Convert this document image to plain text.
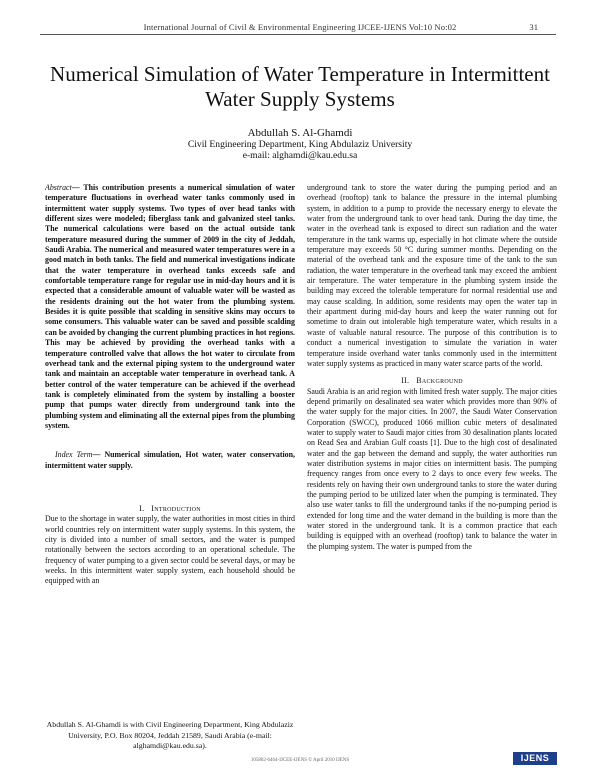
International Journal of Civil & Environmental Engineering IJCEE-IJENS Vol:10 No:02	31
Numerical Simulation of Water Temperature in Intermittent Water Supply Systems
Abdullah S. Al-Ghamdi
Civil Engineering Department, King Abdulaziz University
e-mail: alghamdi@kau.edu.sa

Abstract— This contribution presents a numerical simulation of water temperature fluctuations in overhead water tanks commonly used in intermittent water supply systems. Two types of over head tanks with different sizes were modeled; fiberglass tank and galvanized steel tanks. The numerical calculations were based on the actual outside tank temperature measured during the summer of 2009 in the city of Jeddah, Saudi Arabia. The numerical and measured water temperatures were in a good match in both tanks. The field and numerical investigations indicate that the water temperature in overhead tanks exceeds safe and comfortable temperature range for regular use in mid-day hours and it is expected that a considerable amount of valuable water will be wasted as the residents draining out the hot water from the plumbing system. Besides it is quite possible that scalding in sensitive skins may occurs to some consumers. This valuable water can be saved and possible scalding can be avoided by changing the current plumbing practices in hot regions. This may be achieved by providing the overhead tanks with a temperature controlled valve that allows the hot water to circulate from overhead tank and the external piping system to the underground water tank and maintain an acceptable water temperature in overhead tank. A better control of the water temperature can be achieved if the overhead tank is completely eliminated from the system by installing a booster pump that pumps water directly from underground tank into the plumbing system and eliminating all the external pipes from the plumbing system.

Index Term— Numerical simulation, Hot water, water conservation, intermittent water supply.

I. Introduction

Due to the shortage in water supply, the water authorities in most cities in third world countries rely on intermittent water supply systems. In this system, the city is divided into a number of small sectors, and the water is pumped rotationally between the sectors according to an operational schedule. The frequency of water pumping to a given sector could be several days, or may be weeks. In this intermittent water supply system, each household should be equipped with an

underground tank to store the water during the pumping period and an overhead (rooftop) tank to balance the pressure in the internal plumbing system, in addition to a pump to provide the necessary energy to elevate the water from the underground tank to over head tank. During the day time, the water in the overhead tank is exposed to direct sun radiation and the water temperature in the tank warms up, especially in hot climate where the outside temperature may exceeds 50 °C during summer months. Depending on the material of the overhead tank and the exposure time of the tank to the sun radiation, the water temperature in the overhead tank may exceed the ambient air temperature. The water temperature in the plumbing system inside the building may exceed the tolerable temperature for normal residential use and may cause scalding. In addition, some residents may open the water tap in their apartment during mid-day hours and keep the water running out for sometime to drain out intolerable high temperature water, which results in a waste of valuable natural resource. The purpose of this contribution is to conduct a numerical investigation to simulate the variation in water temperature inside overhand water tanks commonly used in the intermittent water supply systems as practiced in many water scarce parts of the world.

II. Background

Saudi Arabia is an arid region with limited fresh water supply. The major cities depend primarily on desalinated sea water which provides more than 90% of the water supply for the major cities. In 2007, the Saudi Water Conservation Corporation (SWCC), produced 1066 million cubic meters of desalinated water to supply water to Saudi major cities from 30 desalination plants located on Read Sea and Arabian Gulf coasts [1]. Due to the high cost of desalinated water and the gap between the demand and supply, the water authorities run water distribution systems in major cities on intermittent basis. The pumping frequency ranges from once every to 2 days to once every few weeks. The residents rely on having their own underground tanks to store the water during the pumping period to be utilized later when the pumping is terminated. They also use water tanks to fill the underground tanks if the no-pumping period is extended for long time and the water demand in the building is more than the water stored in the underground tank. It is a common practice that each building is equipped with an overhead (rooftop) tank to balance the water in the plumping system. The water is pumped from the

Abdullah S. Al-Ghamdi is with Civil Engineering Department, King Abdulaziz University, P.O. Box 80204, Jeddah 21589, Saudi Arabia (e-mail: alghamdi@kau.edu.sa).
105802-6464-IJCEE-IJENS © April 2010 IJENS	IJENS
